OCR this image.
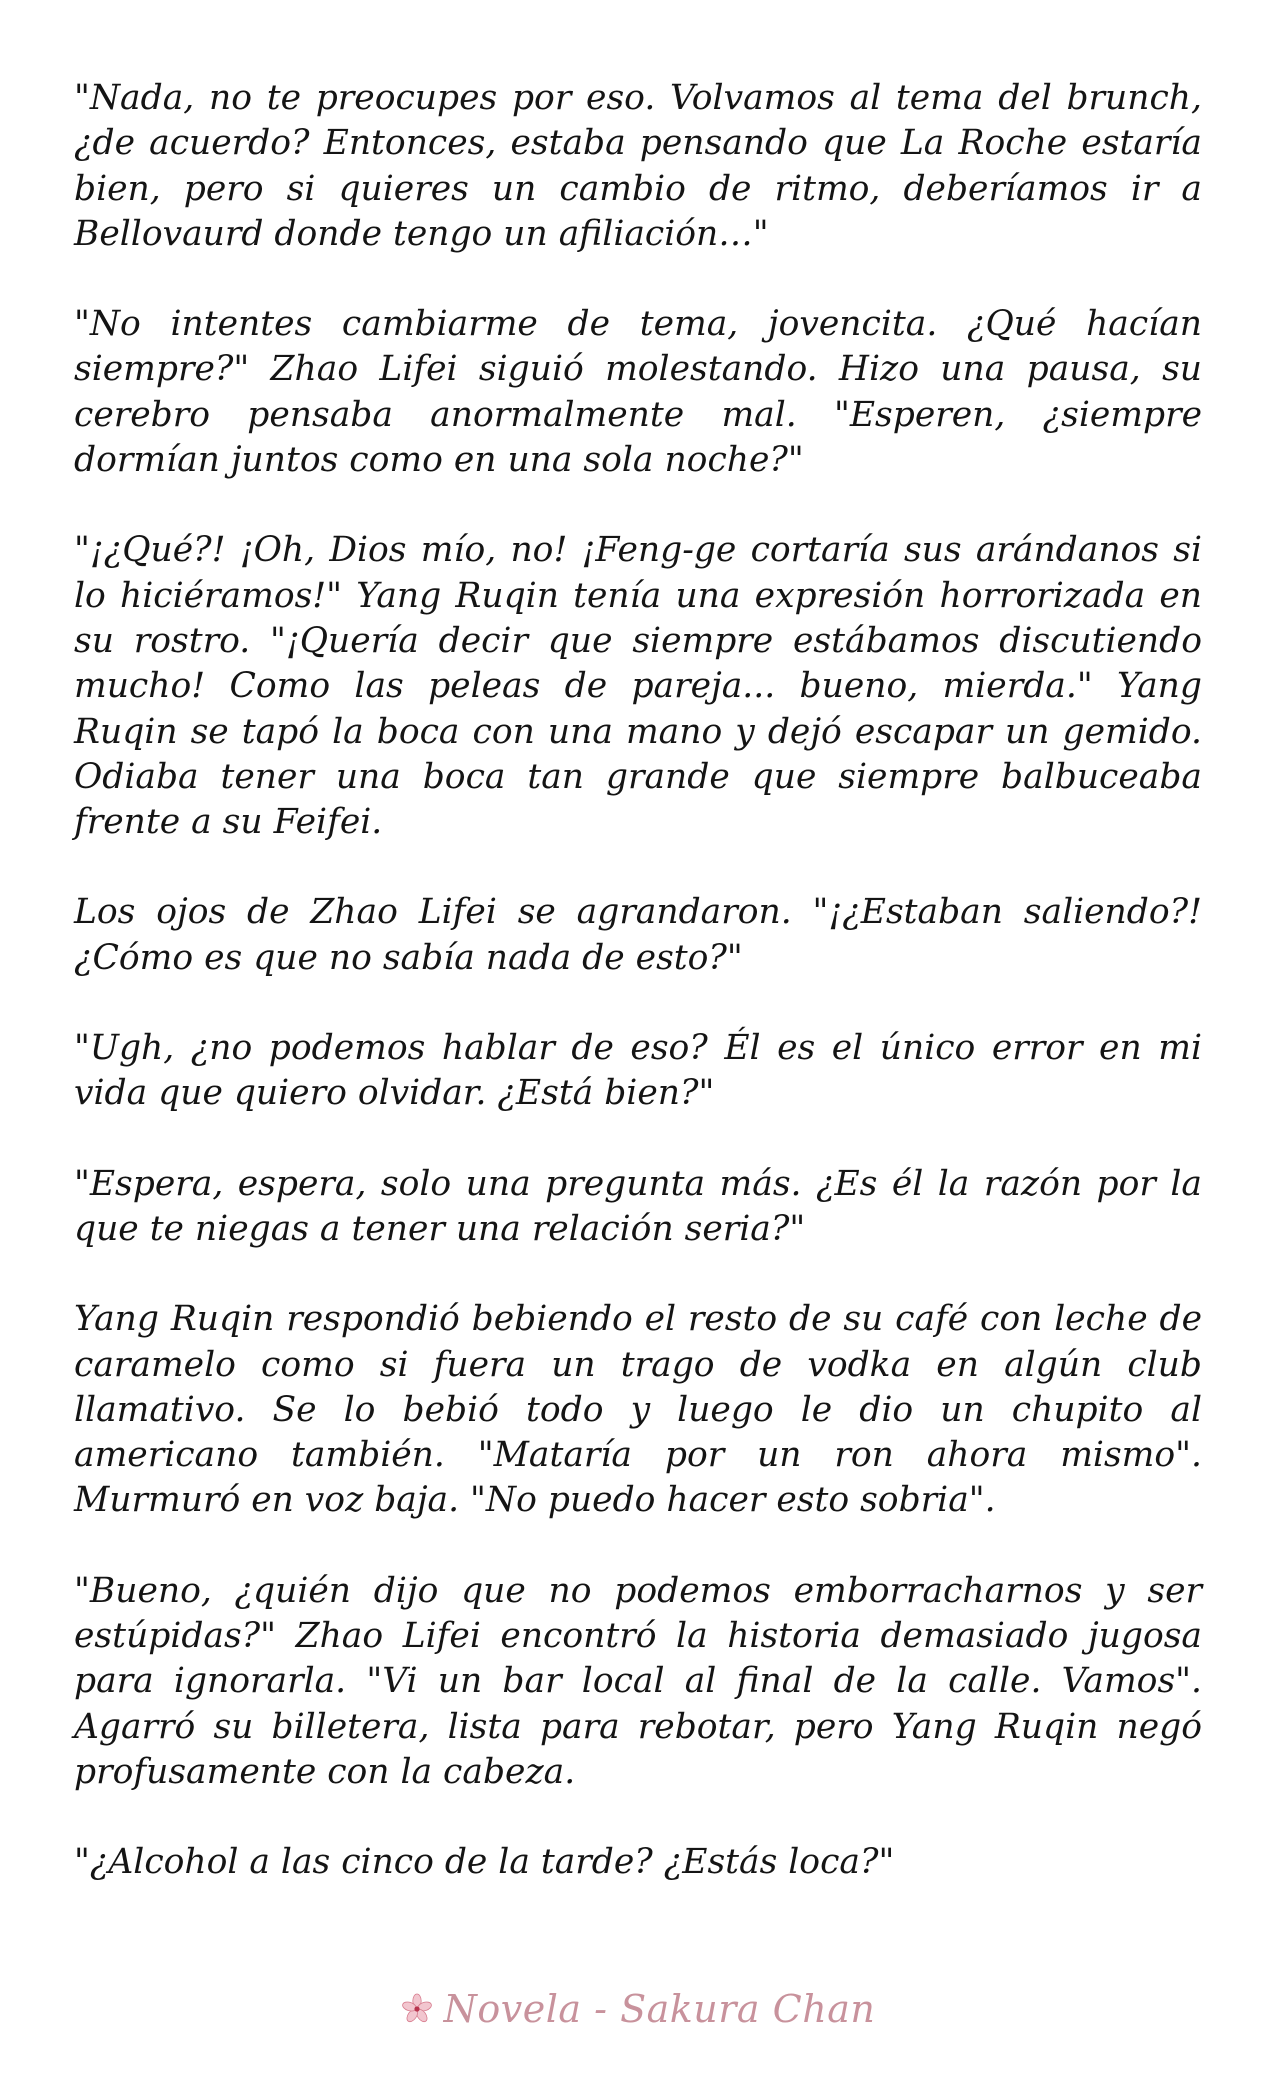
"Nada, no te preocupes por eso. Volvamos al tema del brunch, ¿de acuerdo? Entonces, estaba pensando que La Roche estaría bien, pero si quieres un cambio de ritmo, deberíamos ir a Bellovaurd donde tengo un afiliación…"

"No intentes cambiarme de tema, jovencita. ¿Qué hacían siempre?" Zhao Lifei siguió molestando. Hizo una pausa, su cerebro pensaba anormalmente mal. "Esperen, ¿siempre dormían juntos como en una sola noche?"

"¡¿Qué?! ¡Oh, Dios mío, no! ¡Feng-ge cortaría sus arándanos si lo hiciéramos!" Yang Ruqin tenía una expresión horrorizada en su rostro. "¡Quería decir que siempre estábamos discutiendo mucho! Como las peleas de pareja... bueno, mierda." Yang Ruqin se tapó la boca con una mano y dejó escapar un gemido. Odiaba tener una boca tan grande que siempre balbuceaba frente a su Feifei.

Los ojos de Zhao Lifei se agrandaron. "¡¿Estaban saliendo?! ¿Cómo es que no sabía nada de esto?"

"Ugh, ¿no podemos hablar de eso? Él es el único error en mi vida que quiero olvidar. ¿Está bien?"

"Espera, espera, solo una pregunta más. ¿Es él la razón por la que te niegas a tener una relación seria?"

Yang Ruqin respondió bebiendo el resto de su café con leche de caramelo como si fuera un trago de vodka en algún club llamativo. Se lo bebió todo y luego le dio un chupito al americano también. "Mataría por un ron ahora mismo". Murmuró en voz baja. "No puedo hacer esto sobria".

"Bueno, ¿quién dijo que no podemos emborracharnos y ser estúpidas?" Zhao Lifei encontró la historia demasiado jugosa para ignorarla. "Vi un bar local al final de la calle. Vamos". Agarró su billetera, lista para rebotar, pero Yang Ruqin negó profusamente con la cabeza.

"¿Alcohol a las cinco de la tarde? ¿Estás loca?"

Novela - Sakura Chan
